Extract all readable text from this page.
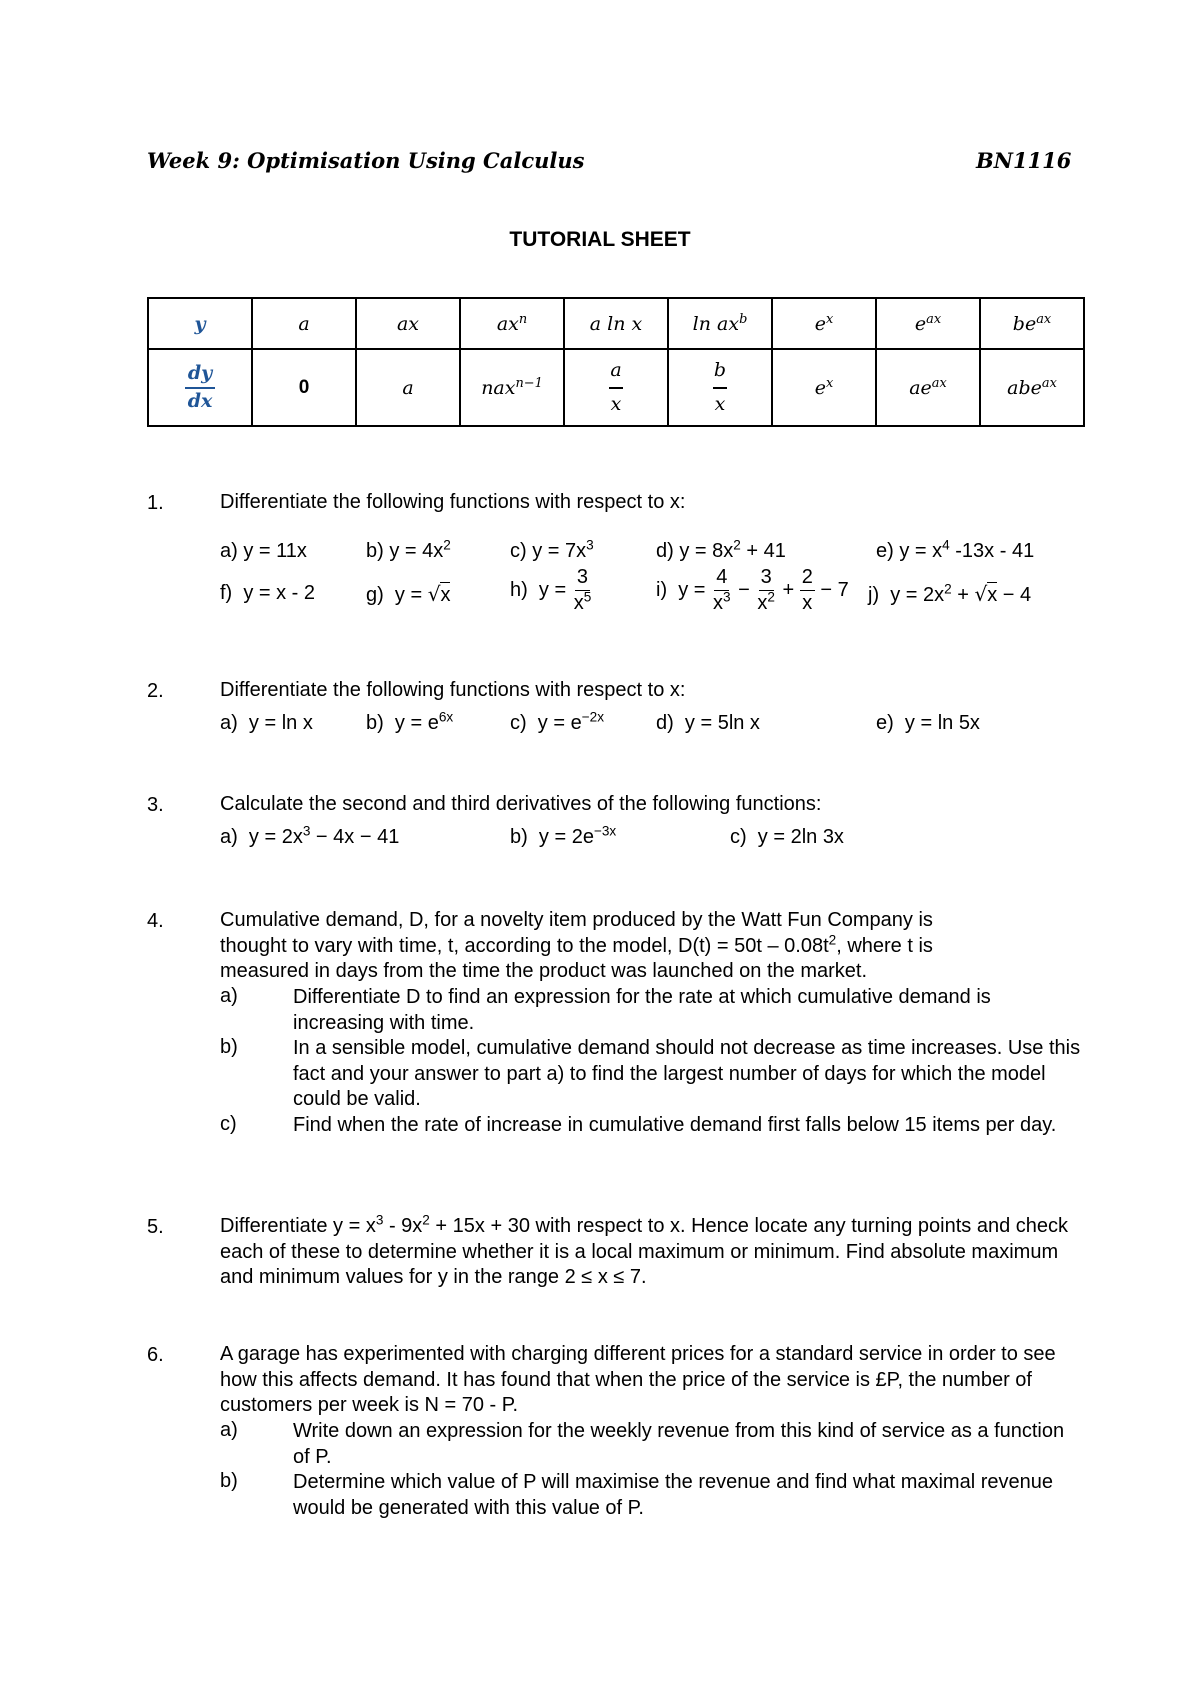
Week 9: Optimisation Using Calculus	BN1116
TUTORIAL SHEET
y	a	ax	$ax^n$	a ln x	$\ln ax^b$	$e^x$	$e^{ax}$	$be^{ax}$

$\frac{dy}{dx}$	0	a	nax$^{n-1}$	$\frac{a}{x}$	$\frac{b}{x}$	$e^x$	$ae^{ax}$	abe$^{ax}$
1.	Differentiate the following functions with respect to x:
a) y = 11x	b) $y = 4x^2$	c) $y = 7x^3$	d) $y = 8x^2 + 41$	e) $y = x^4$ -13x - 41
f)  y = x - 2	g)  y = √x	h)  $y = \frac{3}{x^5}$	i)  $y = \frac{4}{x^3} - \frac{3}{x^2} + \frac{2}{x} - 7$ j)  $y = 2x^2 + √x - 4$
2.	Differentiate the following functions with respect to x:
a)  y = ln x	b)  $y = e^{6x}$	c)  $y = e^{-2x}$	d)  y = 5ln x	e)  y = ln 5x
3.	Calculate the second and third derivatives of the following functions:
a)  $y = 2x^3 - 4x - 41$	b)  $y = 2e^{-3x}$	c)  y = 2ln 3x
4.	Cumulative demand, D, for a novelty item produced by the Watt Fun Company is
thought to vary with time, t, according to the model, $D(t) = 50t - 0.08t^2$, where t is
measured in days from the time the product was launched on the market.
a)	Differentiate D to find an expression for the rate at which cumulative demand is increasing with time.
b)	In a sensible model, cumulative demand should not decrease as time increases. Use this fact and your answer to part a) to find the largest number of days for which the model could be valid.
c)	Find when the rate of increase in cumulative demand first falls below 15 items per day.
5.	Differentiate $y = x^3 - 9x^2 + 15x + 30$ with respect to x. Hence locate any turning points and check each of these to determine whether it is a local maximum or minimum. Find absolute maximum and minimum values for y in the range 2 ≤ x ≤ 7.
6.	A garage has experimented with charging different prices for a standard service in order to see how this affects demand. It has found that when the price of the service is £P, the number of customers per week is N = 70 - P.
a)	Write down an expression for the weekly revenue from this kind of service as a function of P.
b)	Determine which value of P will maximise the revenue and find what maximal revenue would be generated with this value of P.
